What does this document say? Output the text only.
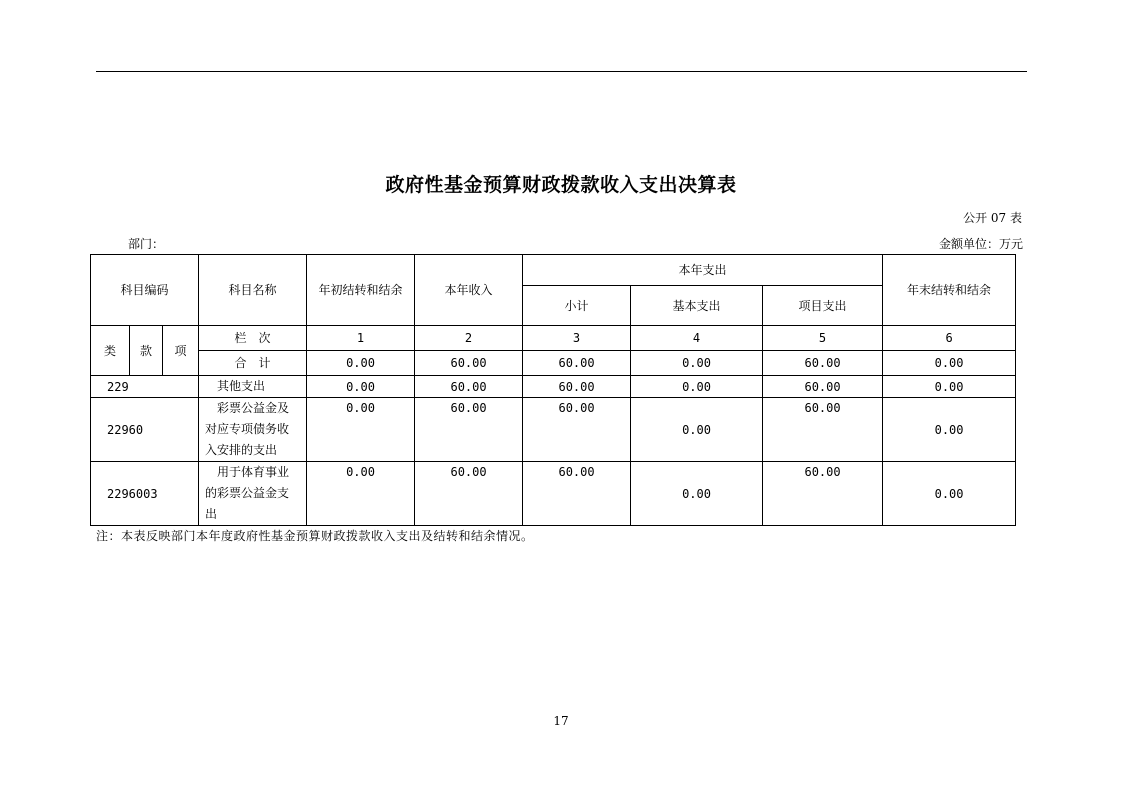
政府性基金预算财政拨款收入支出决算表
公开 07 表
部门：	金额单位：万元
科目编码			科目名称	年初结转和结余	本年收入	本年支出			年末结转和结余
						小计	基本支出	项目支出	
类	款	项	栏　次	1	2	3	4	5	6
			合　计	0.00	60.00	60.00	0.00	60.00	0.00
229			其他支出	0.00	60.00	60.00	0.00	60.00	0.00
22960			彩票公益金及
对应专项债务收
入安排的支出	0.00	60.00	60.00	0.00	60.00	0.00
2296003			用于体育事业
的彩票公益金支
出	0.00	60.00	60.00	0.00	60.00	0.00
注：本表反映部门本年度政府性基金预算财政拨款收入支出及结转和结余情况。
17
